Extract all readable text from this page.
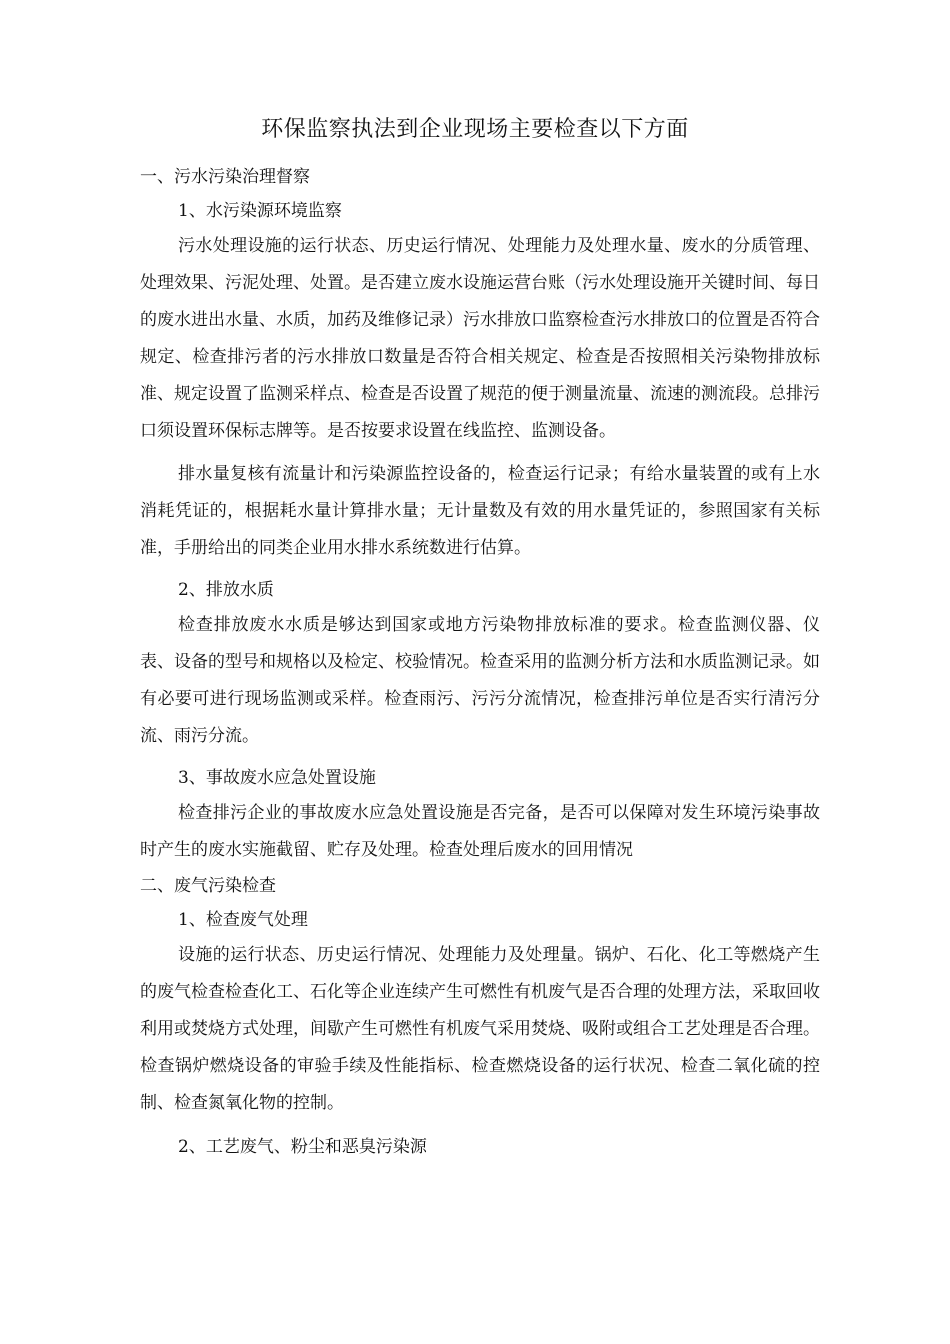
环保监察执法到企业现场主要检查以下方面
一、污水污染治理督察
1、水污染源环境监察

污水处理设施的运行状态、历史运行情况、处理能力及处理水量、废水的分质管理、处理效果、污泥处理、处置。是否建立废水设施运营台账（污水处理设施开关键时间、每日的废水进出水量、水质，加药及维修记录）污水排放口监察检查污水排放口的位置是否符合规定、检查排污者的污水排放口数量是否符合相关规定、检查是否按照相关污染物排放标准、规定设置了监测采样点、检查是否设置了规范的便于测量流量、流速的测流段。总排污口须设置环保标志牌等。是否按要求设置在线监控、监测设备。

排水量复核有流量计和污染源监控设备的，检查运行记录；有给水量装置的或有上水消耗凭证的，根据耗水量计算排水量；无计量数及有效的用水量凭证的，参照国家有关标准，手册给出的同类企业用水排水系统数进行估算。

2、排放水质

检查排放废水水质是够达到国家或地方污染物排放标准的要求。检查监测仪器、仪表、设备的型号和规格以及检定、校验情况。检查采用的监测分析方法和水质监测记录。如有必要可进行现场监测或采样。检查雨污、污污分流情况，检查排污单位是否实行清污分流、雨污分流。

3、事故废水应急处置设施

检查排污企业的事故废水应急处置设施是否完备，是否可以保障对发生环境污染事故时产生的废水实施截留、贮存及处理。检查处理后废水的回用情况

二、废气污染检查
1、检查废气处理

设施的运行状态、历史运行情况、处理能力及处理量。锅炉、石化、化工等燃烧产生的废气检查检查化工、石化等企业连续产生可燃性有机废气是否合理的处理方法，采取回收利用或焚烧方式处理，间歇产生可燃性有机废气采用焚烧、吸附或组合工艺处理是否合理。检查锅炉燃烧设备的审验手续及性能指标、检查燃烧设备的运行状况、检查二氧化硫的控制、检查氮氧化物的控制。

2、工艺废气、粉尘和恶臭污染源
